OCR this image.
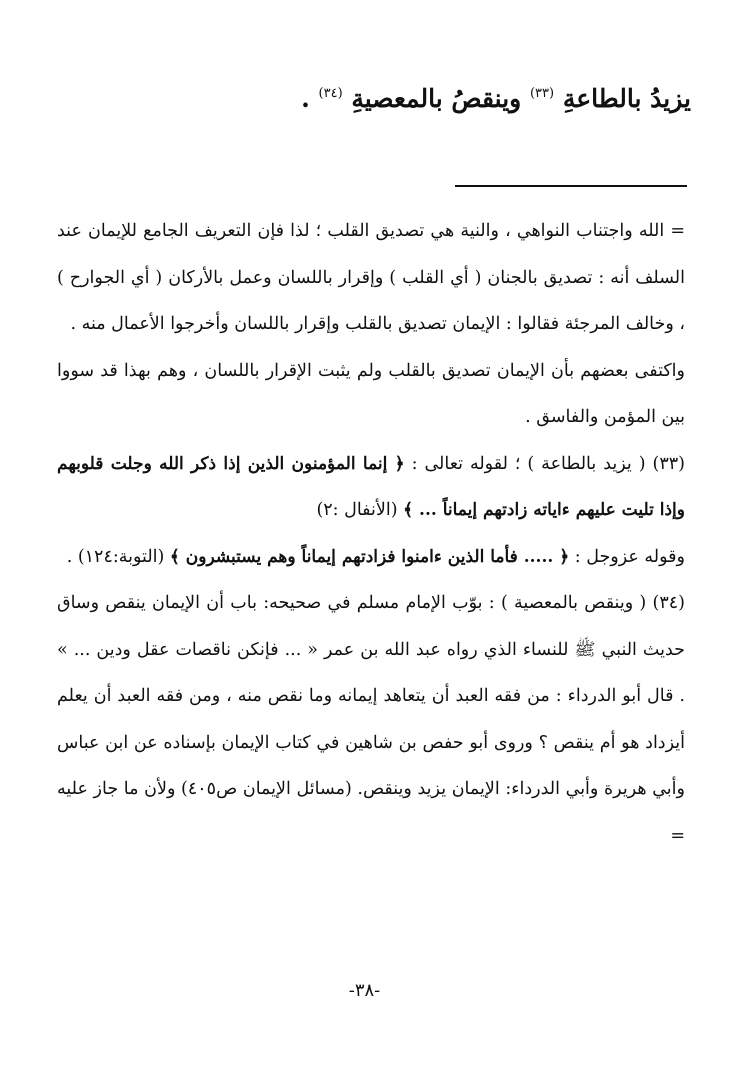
يزيدُ بالطاعةِ $^{(٣٣)}$ وينقصُ بالمعصيةِ $^{(٣٤)}$ .

= الله واجتناب النواهي ، والنية هي تصديق القلب ؛ لذا فإن التعريف الجامع للإيمان عند السلف أنه : تصديق بالجنان ( أي القلب ) وإقرار باللسان وعمل بالأركان ( أي الجوارح ) ، وخالف المرجئة فقالوا : الإيمان تصديق بالقلب وإقرار باللسان وأخرجوا الأعمال منه .

واكتفى بعضهم بأن الإيمان تصديق بالقلب ولم يثبت الإقرار باللسان ، وهم بهذا قد سووا بين المؤمن والفاسق .

(٣٣) ( يزيد بالطاعة ) ؛ لقوله تعالى : ﴿ إنما المؤمنون الذين إذا ذكر الله وجلت قلوبهم وإذا تليت عليهم ءاياته زادتهم إيماناً ... ﴾ (الأنفال :٢)

وقوله عزوجل : ﴿ ..... فأما الذين ءامنوا فزادتهم إيماناً وهم يستبشرون ﴾ (التوبة:١٢٤) .

(٣٤) ( وينقص بالمعصية ) : بوّب الإمام مسلم في صحيحه: باب أن الإيمان ينقص وساق حديث النبي ﷺ للنساء الذي رواه عبد الله بن عمر « ... فإنكن ناقصات عقل ودين ... » . قال أبو الدرداء : من فقه العبد أن يتعاهد إيمانه وما نقص منه ، ومن فقه العبد أن يعلم أيزداد هو أم ينقص ؟ وروى أبو حفص بن شاهين في كتاب الإيمان بإسناده عن ابن عباس وأبي هريرة وأبي الدرداء: الإيمان يزيد وينقص. (مسائل الإيمان ص٤٠٥) ولأن ما جاز عليه =

-٣٨-
